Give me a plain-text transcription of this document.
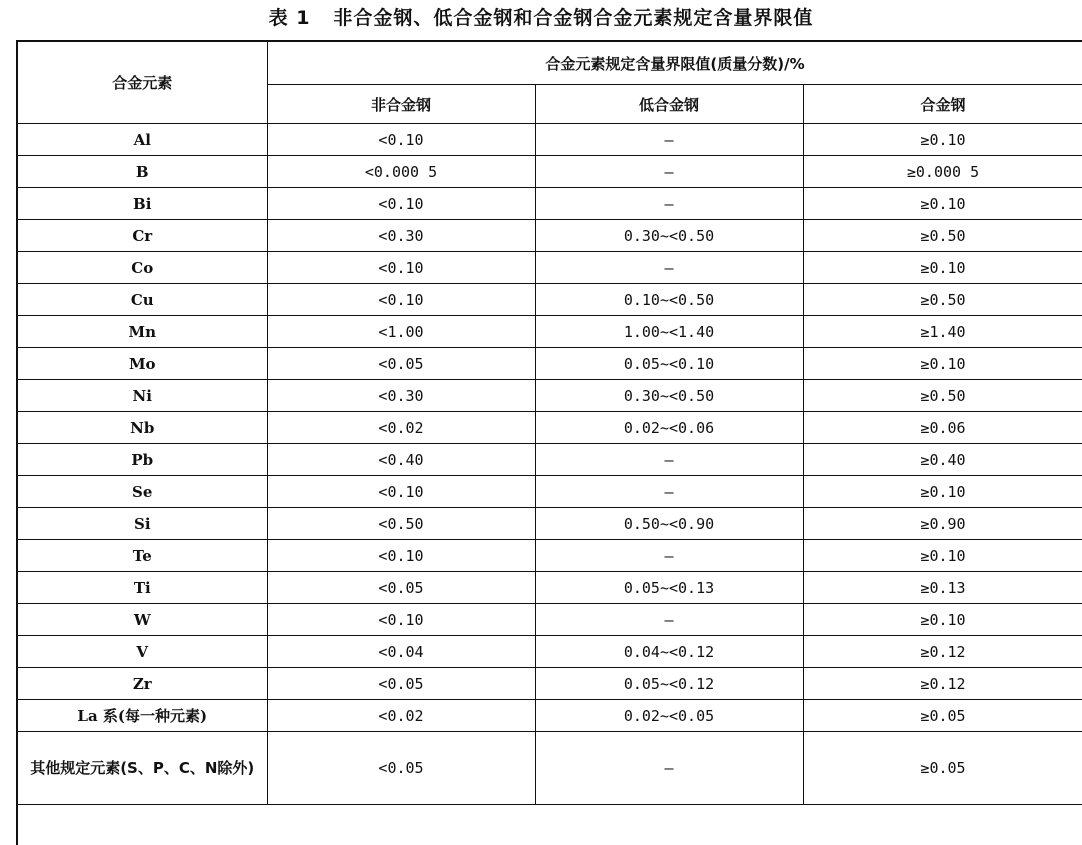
表 1   非合金钢、低合金钢和合金钢合金元素规定含量界限值
合金元素	合金元素规定含量界限值(质量分数)/%		
	非合金钢	低合金钢	合金钢
Al	<0.10	—	≥0.10
B	<0.000 5	—	≥0.000 5
Bi	<0.10	—	≥0.10
Cr	<0.30	0.30~<0.50	≥0.50
Co	<0.10	—	≥0.10
Cu	<0.10	0.10~<0.50	≥0.50
Mn	<1.00	1.00~<1.40	≥1.40
Mo	<0.05	0.05~<0.10	≥0.10
Ni	<0.30	0.30~<0.50	≥0.50
Nb	<0.02	0.02~<0.06	≥0.06
Pb	<0.40	—	≥0.40
Se	<0.10	—	≥0.10
Si	<0.50	0.50~<0.90	≥0.90
Te	<0.10	—	≥0.10
Ti	<0.05	0.05~<0.13	≥0.13
W	<0.10	—	≥0.10
V	<0.04	0.04~<0.12	≥0.12
Zr	<0.05	0.05~<0.12	≥0.12
La 系(每一种元素)	<0.02	0.02~<0.05	≥0.05
其他规定元素(S、P、C、N除外)	<0.05	—	≥0.05
